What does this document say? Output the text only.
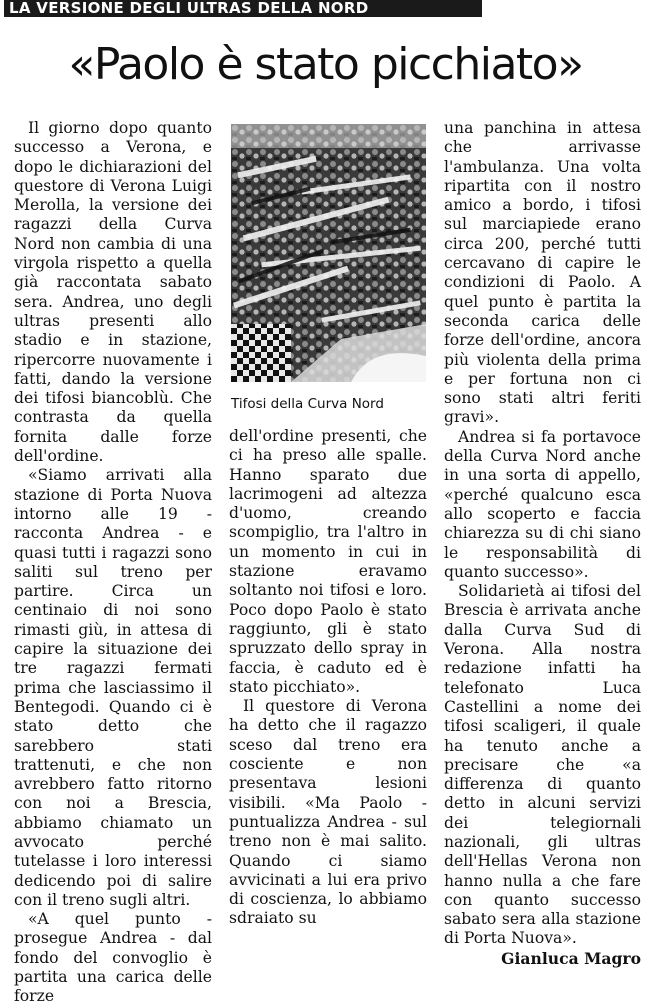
LA VERSIONE DEGLI ULTRAS DELLA NORD
«Paolo è stato picchiato»

Il giorno dopo quanto successo a Verona, e dopo le dichiarazioni del questore di Verona Luigi Merolla, la versione dei ragazzi della Curva Nord non cambia di una virgola rispetto a quella già raccontata sabato sera. Andrea, uno degli ultras presenti allo stadio e in stazione, ripercorre nuovamente i fatti, dando la versione dei tifosi biancoblù. Che contrasta da quella fornita dalle forze dell'ordine.

«Siamo arrivati alla stazione di Porta Nuova intorno alle 19 - racconta Andrea - e quasi tutti i ragazzi sono saliti sul treno per partire. Circa un centinaio di noi sono rimasti giù, in attesa di capire la situazione dei tre ragazzi fermati prima che lasciassimo il Bentegodi. Quando ci è stato detto che sarebbero stati trattenuti, e che non avrebbero fatto ritorno con noi a Brescia, abbiamo chiamato un avvocato perché tutelasse i loro interessi dedicendo poi di salire con il treno sugli altri.

«A quel punto - prosegue Andrea - dal fondo del convoglio è partita una carica delle forze

Tifosi della Curva Nord

dell'ordine presenti, che ci ha preso alle spalle. Hanno sparato due lacrimogeni ad altezza d'uomo, creando scompiglio, tra l'altro in un momento in cui in stazione eravamo soltanto noi tifosi e loro. Poco dopo Paolo è stato raggiunto, gli è stato spruzzato dello spray in faccia, è caduto ed è stato picchiato».

Il questore di Verona ha detto che il ragazzo sceso dal treno era cosciente e non presentava lesioni visibili. «Ma Paolo - puntualizza Andrea - sul treno non è mai salito. Quando ci siamo avvicinati a lui era privo di coscienza, lo abbiamo sdraiato su

una panchina in attesa che arrivasse l'ambulanza. Una volta ripartita con il nostro amico a bordo, i tifosi sul marciapiede erano circa 200, perché tutti cercavano di capire le condizioni di Paolo. A quel punto è partita la seconda carica delle forze dell'ordine, ancora più violenta della prima e per fortuna non ci sono stati altri feriti gravi».

Andrea si fa portavoce della Curva Nord anche in una sorta di appello, «perché qualcuno esca allo scoperto e faccia chiarezza su di chi siano le responsabilità di quanto successo».

Solidarietà ai tifosi del Brescia è arrivata anche dalla Curva Sud di Verona. Alla nostra redazione infatti ha telefonato Luca Castellini a nome dei tifosi scaligeri, il quale ha tenuto anche a precisare che «a differenza di quanto detto in alcuni servizi dei telegiornali nazionali, gli ultras dell'Hellas Verona non hanno nulla a che fare con quanto successo sabato sera alla stazione di Porta Nuova».

Gianluca Magro
